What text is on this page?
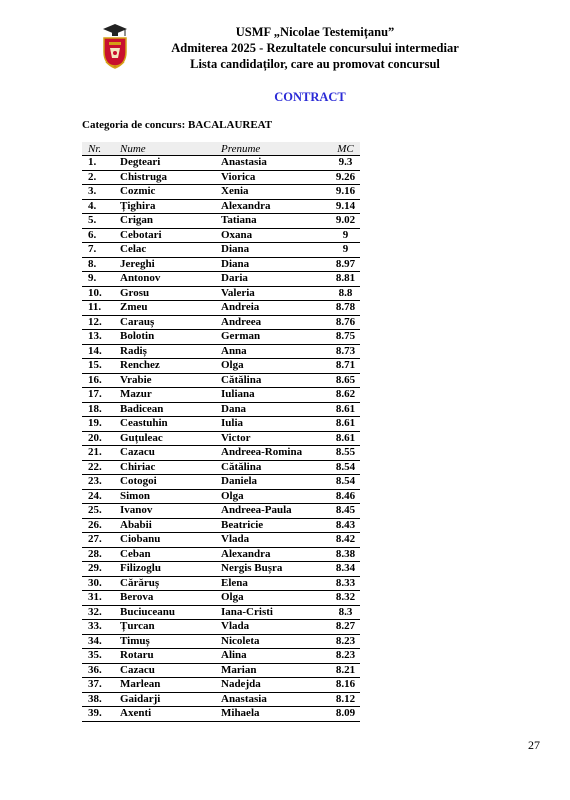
USMF „Nicolae Testemițanu”
Admiterea 2025 - Rezultatele concursului intermediar
Lista candidaților, care au promovat concursul
CONTRACT
Categoria de concurs: BACALAUREAT
Nr.	Nume	Prenume	MC
1.	Degteari	Anastasia	9.3
2.	Chistruga	Viorica	9.26
3.	Cozmic	Xenia	9.16
4.	Țighira	Alexandra	9.14
5.	Crigan	Tatiana	9.02
6.	Cebotari	Oxana	9
7.	Celac	Diana	9
8.	Jereghi	Diana	8.97
9.	Antonov	Daria	8.81
10.	Grosu	Valeria	8.8
11.	Zmeu	Andreia	8.78
12.	Carauș	Andreea	8.76
13.	Bolotin	German	8.75
14.	Radiș	Anna	8.73
15.	Renchez	Olga	8.71
16.	Vrabie	Cătălina	8.65
17.	Mazur	Iuliana	8.62
18.	Badicean	Dana	8.61
19.	Ceastuhin	Iulia	8.61
20.	Guțuleac	Victor	8.61
21.	Cazacu	Andreea-Romina	8.55
22.	Chiriac	Cătălina	8.54
23.	Cotogoi	Daniela	8.54
24.	Simon	Olga	8.46
25.	Ivanov	Andreea-Paula	8.45
26.	Ababii	Beatricie	8.43
27.	Ciobanu	Vlada	8.42
28.	Ceban	Alexandra	8.38
29.	Filizoglu	Nergis Bușra	8.34
30.	Cărăruș	Elena	8.33
31.	Berova	Olga	8.32
32.	Buciuceanu	Iana-Cristi	8.3
33.	Țurcan	Vlada	8.27
34.	Timuș	Nicoleta	8.23
35.	Rotaru	Alina	8.23
36.	Cazacu	Marian	8.21
37.	Marlean	Nadejda	8.16
38.	Gaidarji	Anastasia	8.12
39.	Axenti	Mihaela	8.09
27
